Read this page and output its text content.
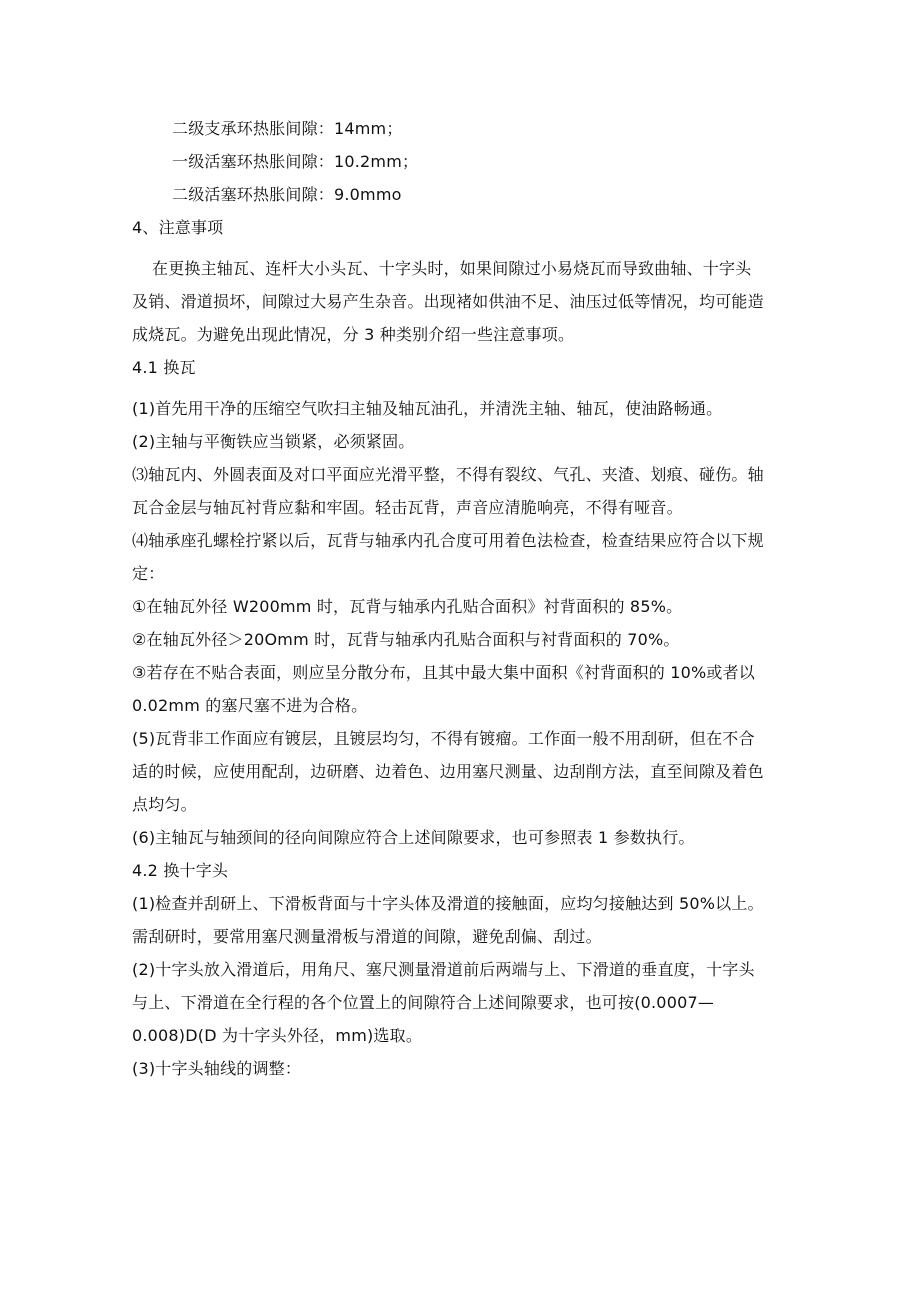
二级支承环热胀间隙：14mm；
一级活塞环热胀间隙：10.2mm；
二级活塞环热胀间隙：9.0mmo
4、注意事项
在更换主轴瓦、连杆大小头瓦、十字头时，如果间隙过小易烧瓦而导致曲轴、十字头
及销、滑道损坏，间隙过大易产生杂音。出现褚如供油不足、油压过低等情况，均可能造
成烧瓦。为避免出现此情况，分 3 种类别介绍一些注意事项。
4.1 换瓦
(1)首先用干净的压缩空气吹扫主轴及轴瓦油孔，并清洗主轴、轴瓦，使油路畅通。
(2)主轴与平衡铁应当锁紧，必须紧固。
⑶轴瓦内、外圆表面及对口平面应光滑平整，不得有裂纹、气孔、夹渣、划痕、碰伤。轴
瓦合金层与轴瓦衬背应黏和牢固。轻击瓦背，声音应清脆响亮，不得有哑音。
⑷轴承座孔螺栓拧紧以后，瓦背与轴承内孔合度可用着色法检查，检查结果应符合以下规
定：
①在轴瓦外径 W200mm 时，瓦背与轴承内孔贴合面积》衬背面积的 85%。
②在轴瓦外径＞20Omm 时，瓦背与轴承内孔贴合面积与衬背面积的 70%。
③若存在不贴合表面，则应呈分散分布，且其中最大集中面积《衬背面积的 10%或者以
0.02mm 的塞尺塞不进为合格。
(5)瓦背非工作面应有镀层，且镀层均匀，不得有镀瘤。工作面一般不用刮研，但在不合
适的时候，应使用配刮，边研磨、边着色、边用塞尺测量、边刮削方法，直至间隙及着色
点均匀。
(6)主轴瓦与轴颈间的径向间隙应符合上述间隙要求，也可参照表 1 参数执行。
4.2 换十字头
(1)检查并刮研上、下滑板背面与十字头体及滑道的接触面，应均匀接触达到 50%以上。
需刮研时，要常用塞尺测量滑板与滑道的间隙，避免刮偏、刮过。
(2)十字头放入滑道后，用角尺、塞尺测量滑道前后两端与上、下滑道的垂直度，十字头
与上、下滑道在全行程的各个位置上的间隙符合上述间隙要求，也可按(0.0007—
0.008)D(D 为十字头外径，mm)选取。
(3)十字头轴线的调整：
